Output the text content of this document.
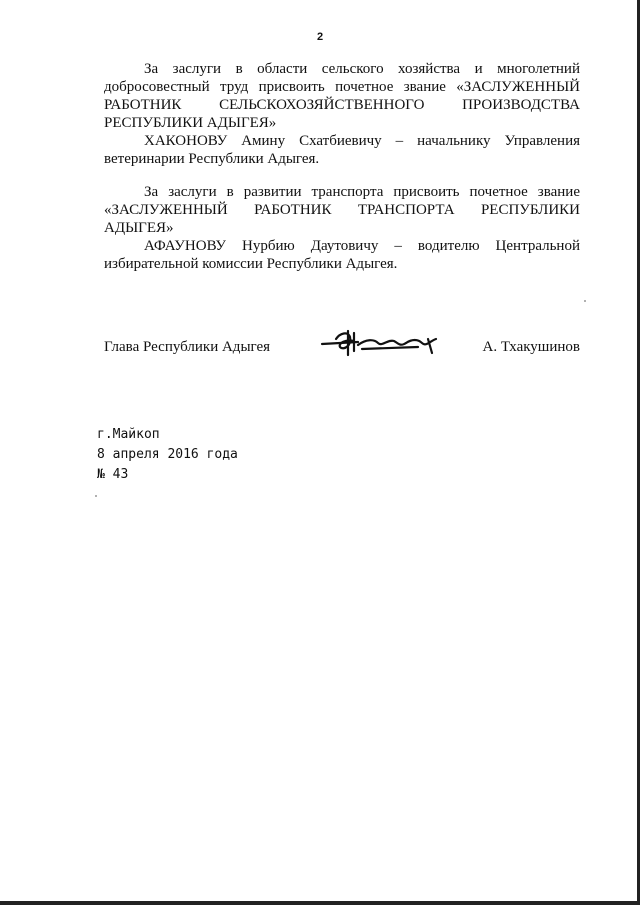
2
За заслуги в области сельского хозяйства и многолетний
добросовестный труд присвоить почетное звание «ЗАСЛУЖЕННЫЙ
РАБОТНИК СЕЛЬСКОХОЗЯЙСТВЕННОГО ПРОИЗВОДСТВА
РЕСПУБЛИКИ АДЫГЕЯ»
ХАКОНОВУ Амину Схатбиевичу – начальнику Управления
ветеринарии Республики Адыгея.
За заслуги в развитии транспорта присвоить почетное звание
«ЗАСЛУЖЕННЫЙ РАБОТНИК ТРАНСПОРТА РЕСПУБЛИКИ
АДЫГЕЯ»
АФАУНОВУ Нурбию Даутовичу – водителю Центральной
избирательной комиссии Республики Адыгея.
Глава Республики Адыгея	А. Тхакушинов
г.Майкоп
8 апреля 2016 года
№ 43
